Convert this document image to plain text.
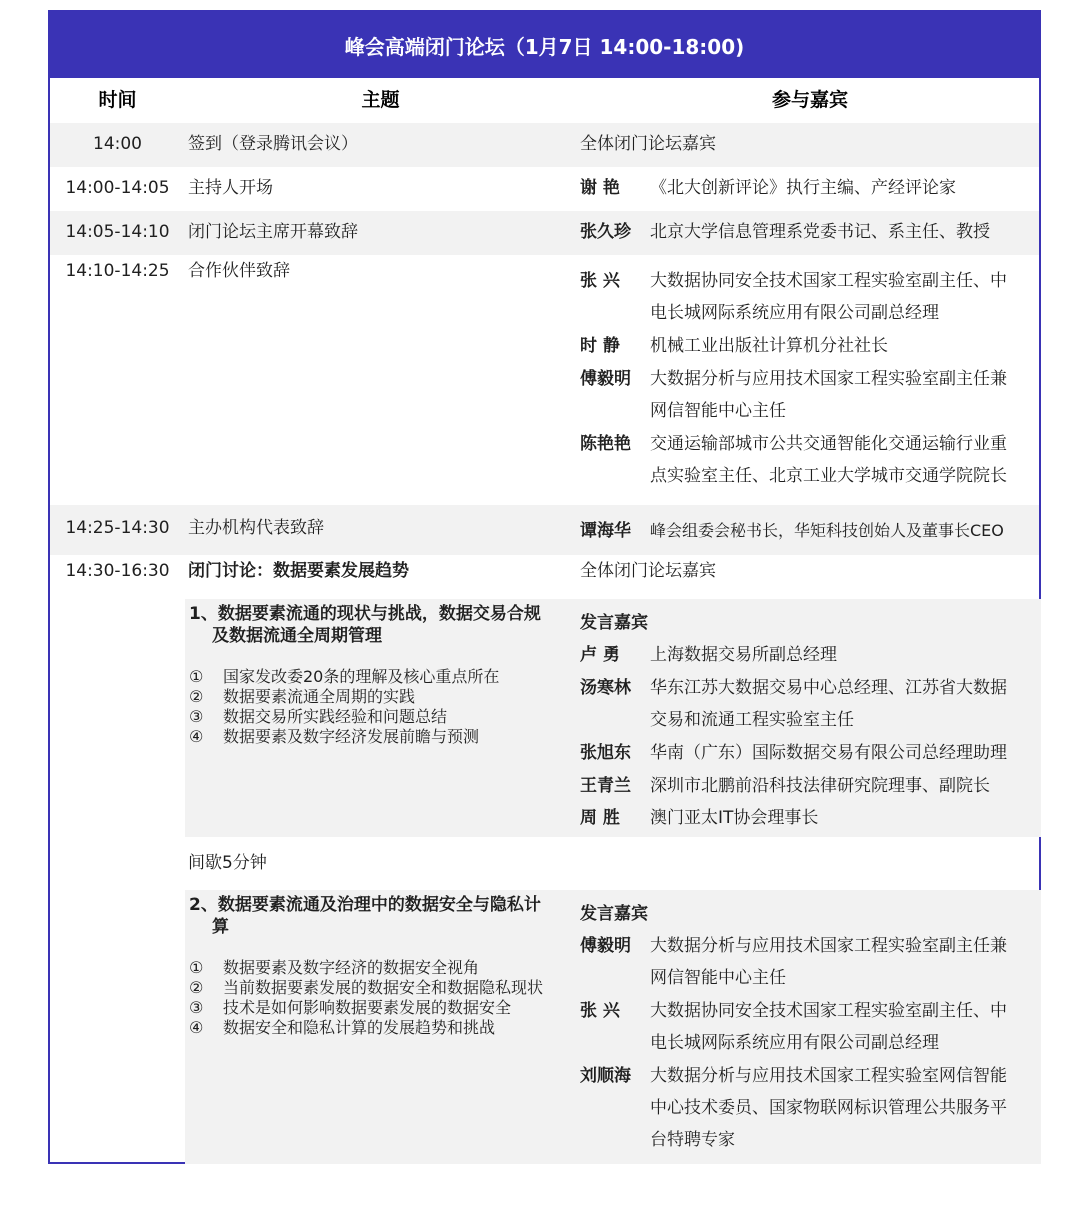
峰会高端闭门论坛（1月7日 14:00-18:00)
时间	主题	参与嘉宾
14:00	签到（登录腾讯会议）	全体闭门论坛嘉宾
14:00-14:05	主持人开场	谢 艳 《北大创新评论》执行主编、产经评论家
14:05-14:10	闭门论坛主席开幕致辞	张久珍 北京大学信息管理系党委书记、系主任、教授
14:10-14:25	合作伙伴致辞	张 兴 大数据协同安全技术国家工程实验室副主任、中
电长城网际系统应用有限公司副总经理
时 静 机械工业出版社计算机分社社长
傅毅明 大数据分析与应用技术国家工程实验室副主任兼
网信智能中心主任
陈艳艳 交通运输部城市公共交通智能化交通运输行业重
点实验室主任、北京工业大学城市交通学院院长
14:25-14:30	主办机构代表致辞	谭海华 峰会组委会秘书长，华矩科技创始人及董事长CEO
14:30-16:30	闭门讨论：数据要素发展趋势	全体闭门论坛嘉宾
1、数据要素流通的现状与挑战，数据交易合规
及数据流通全周期管理
① 国家发改委20条的理解及核心重点所在
② 数据要素流通全周期的实践
③ 数据交易所实践经验和问题总结
④ 数据要素及数字经济发展前瞻与预测
发言嘉宾
卢 勇 上海数据交易所副总经理
汤寒林 华东江苏大数据交易中心总经理、江苏省大数据
交易和流通工程实验室主任
张旭东 华南（广东）国际数据交易有限公司总经理助理
王青兰 深圳市北鹏前沿科技法律研究院理事、副院长
周 胜 澳门亚太IT协会理事长
间歇5分钟
2、数据要素流通及治理中的数据安全与隐私计
算
① 数据要素及数字经济的数据安全视角
② 当前数据要素发展的数据安全和数据隐私现状
③ 技术是如何影响数据要素发展的数据安全
④ 数据安全和隐私计算的发展趋势和挑战
发言嘉宾
傅毅明 大数据分析与应用技术国家工程实验室副主任兼
网信智能中心主任
张 兴 大数据协同安全技术国家工程实验室副主任、中
电长城网际系统应用有限公司副总经理
刘顺海 大数据分析与应用技术国家工程实验室网信智能
中心技术委员、国家物联网标识管理公共服务平
台特聘专家
